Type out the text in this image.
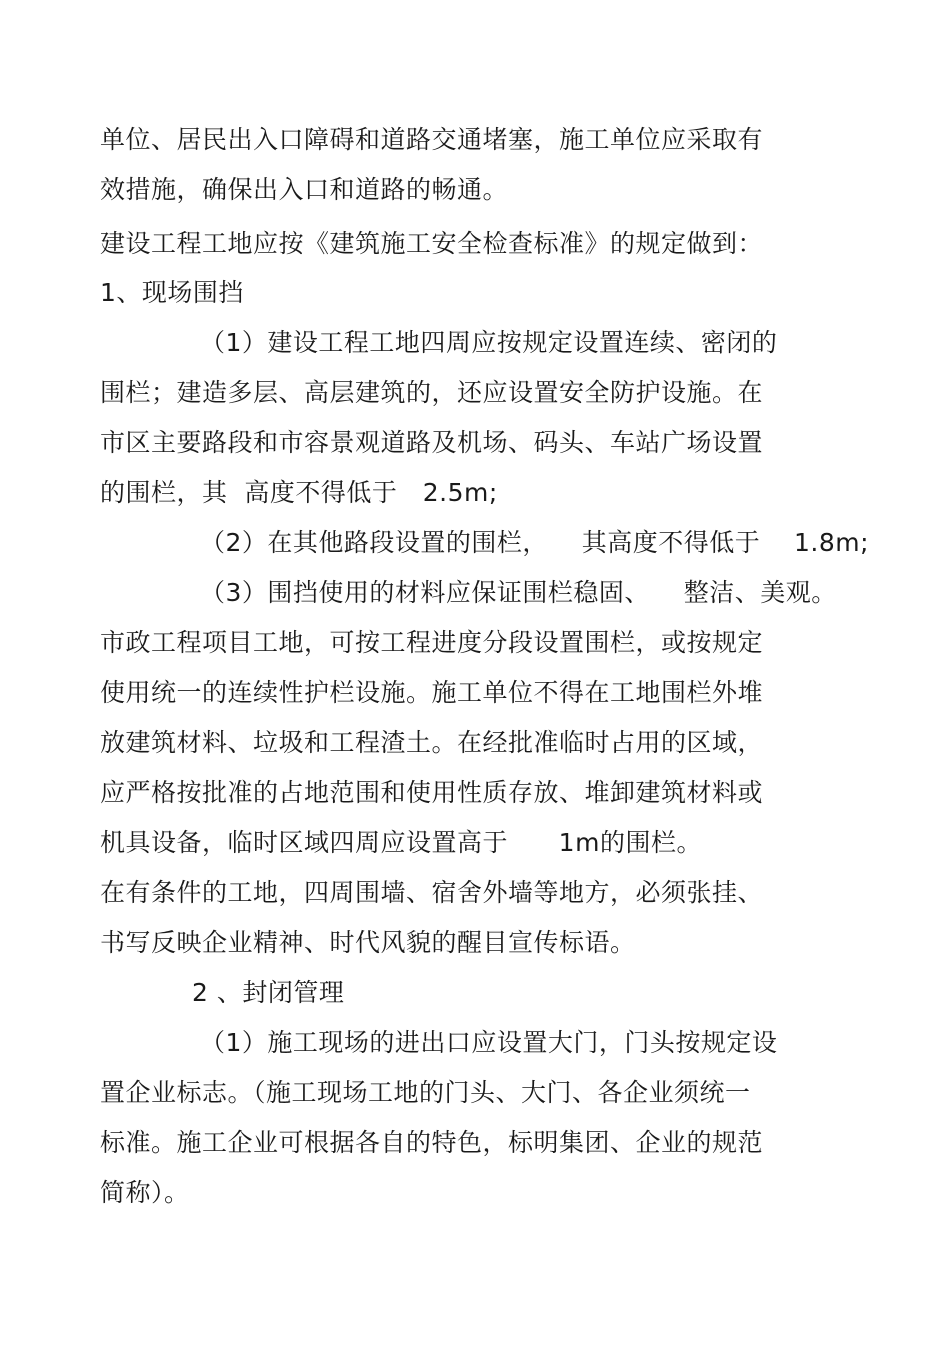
单位、居民出入口障碍和道路交通堵塞，施工单位应采取有
效措施，确保出入口和道路的畅通。
建设工程工地应按《建筑施工安全检查标准》的规定做到：
1、现场围挡
（1）建设工程工地四周应按规定设置连续、密闭的
围栏；建造多层、高层建筑的，还应设置安全防护设施。在
市区主要路段和市容景观道路及机场、码头、车站广场设置
的围栏，其  高度不得低于   2.5m;
（2）在其他路段设置的围栏，    其高度不得低于    1.8m;
（3）围挡使用的材料应保证围栏稳固、    整洁、美观。
市政工程项目工地，可按工程进度分段设置围栏，或按规定
使用统一的连续性护栏设施。施工单位不得在工地围栏外堆
放建筑材料、垃圾和工程渣土。在经批准临时占用的区域，
应严格按批准的占地范围和使用性质存放、堆卸建筑材料或
机具设备，临时区域四周应设置高于      1m的围栏。
在有条件的工地，四周围墙、宿舍外墙等地方，必须张挂、
书写反映企业精神、时代风貌的醒目宣传标语。
2 、封闭管理
（1）施工现场的进出口应设置大门，门头按规定设
置企业标志。（施工现场工地的门头、大门、各企业须统一
标准。施工企业可根据各自的特色，标明集团、企业的规范
简称）。
